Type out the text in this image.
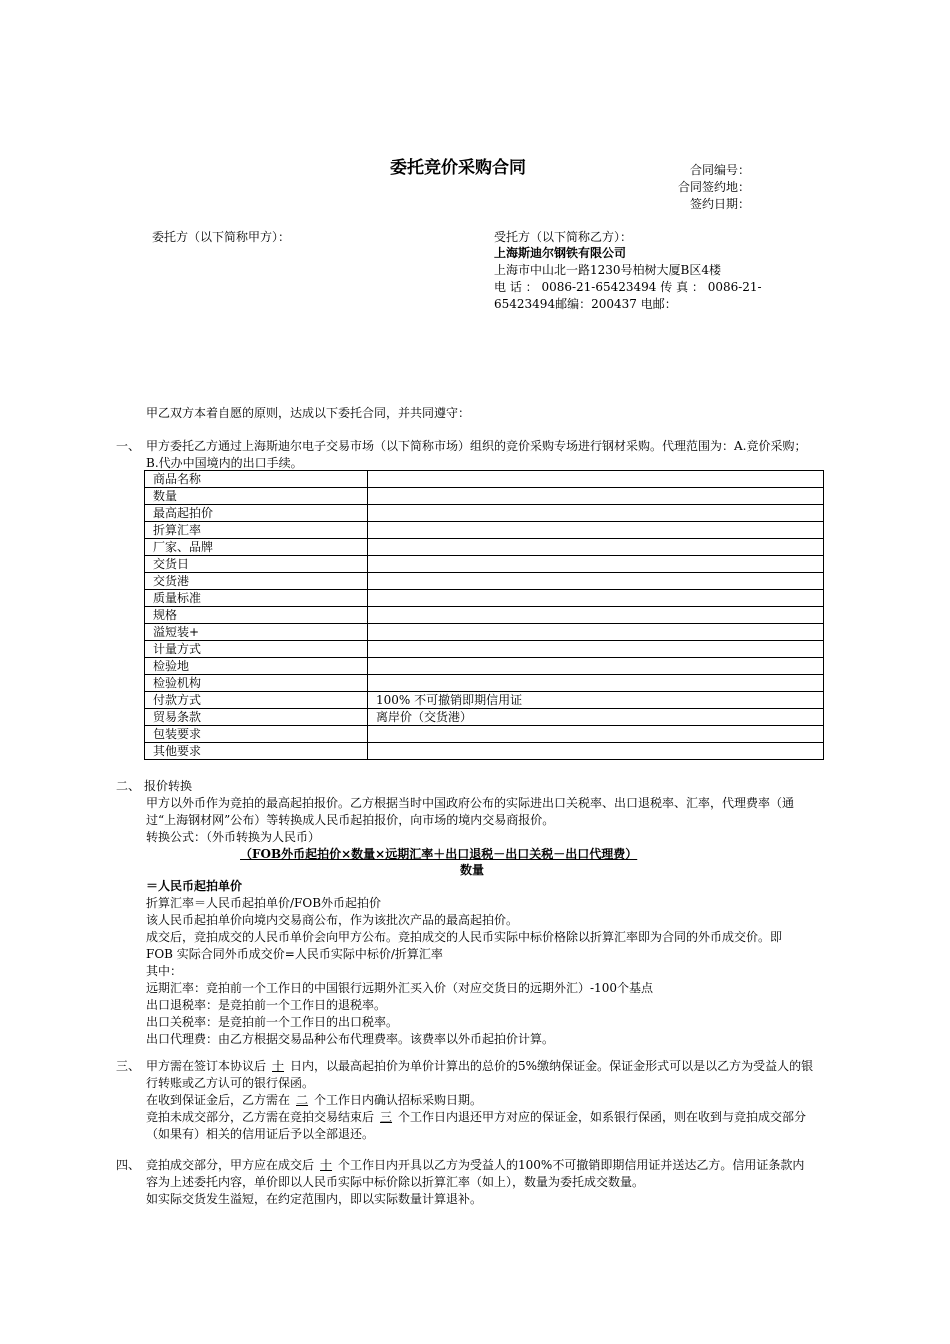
委托竞价采购合同	合同编号：
合同签约地：
签约日期：
委托方（以下简称甲方）：	受托方（以下简称乙方）：
上海斯迪尔钢铁有限公司
上海市中山北一路1230号柏树大厦B区4楼
电 话 ： 0086-21-65423494 传 真 ： 0086-21-
65423494邮编：200437 电邮：
甲乙双方本着自愿的原则，达成以下委托合同，并共同遵守：
一、 甲方委托乙方通过上海斯迪尔电子交易市场（以下简称市场）组织的竞价采购专场进行钢材采购。代理范围为：A.竞价采购；B.代办中国境内的出口手续。

商品名称	
数量	
最高起拍价	
折算汇率	
厂家、品牌	
交货日	
交货港	
质量标准	
规格	
溢短装+	
计量方式	
检验地	
检验机构	
付款方式	100% 不可撤销即期信用证
贸易条款	离岸价（交货港）
包装要求	
其他要求	
二、 报价转换

甲方以外币作为竞拍的最高起拍报价。乙方根据当时中国政府公布的实际进出口关税率、出口退税率、汇率，代理费率（通过“上海钢材网”公布）等转换成人民币起拍报价，向市场的境内交易商报价。

转换公式：（外币转换为人民币）

（FOB外币起拍价×数量×远期汇率＋出口退税－出口关税－出口代理费）
数量

＝人民币起拍单价

折算汇率＝人民币起拍单价/FOB外币起拍价

该人民币起拍单价向境内交易商公布，作为该批次产品的最高起拍价。

成交后，竞拍成交的人民币单价会向甲方公布。竞拍成交的人民币实际中标价格除以折算汇率即为合同的外币成交价。即

FOB 实际合同外币成交价=人民币实际中标价/折算汇率

其中：

远期汇率：竞拍前一个工作日的中国银行远期外汇买入价（对应交货日的远期外汇）-100个基点

出口退税率：是竞拍前一个工作日的退税率。

出口关税率：是竞拍前一个工作日的出口税率。

出口代理费：由乙方根据交易品种公布代理费率。该费率以外币起拍价计算。

三、 甲方需在签订本协议后 十 日内，以最高起拍价为单价计算出的总价的5%缴纳保证金。保证金形式可以是以乙方为受益人的银行转账或乙方认可的银行保函。

在收到保证金后，乙方需在 二 个工作日内确认招标采购日期。

竞拍未成交部分，乙方需在竞拍交易结束后 三 个工作日内退还甲方对应的保证金，如系银行保函，则在收到与竞拍成交部分（如果有）相关的信用证后予以全部退还。

四、 竞拍成交部分，甲方应在成交后 十 个工作日内开具以乙方为受益人的100%不可撤销即期信用证并送达乙方。信用证条款内容为上述委托内容，单价即以人民币实际中标价除以折算汇率（如上），数量为委托成交数量。

如实际交货发生溢短，在约定范围内，即以实际数量计算退补。
